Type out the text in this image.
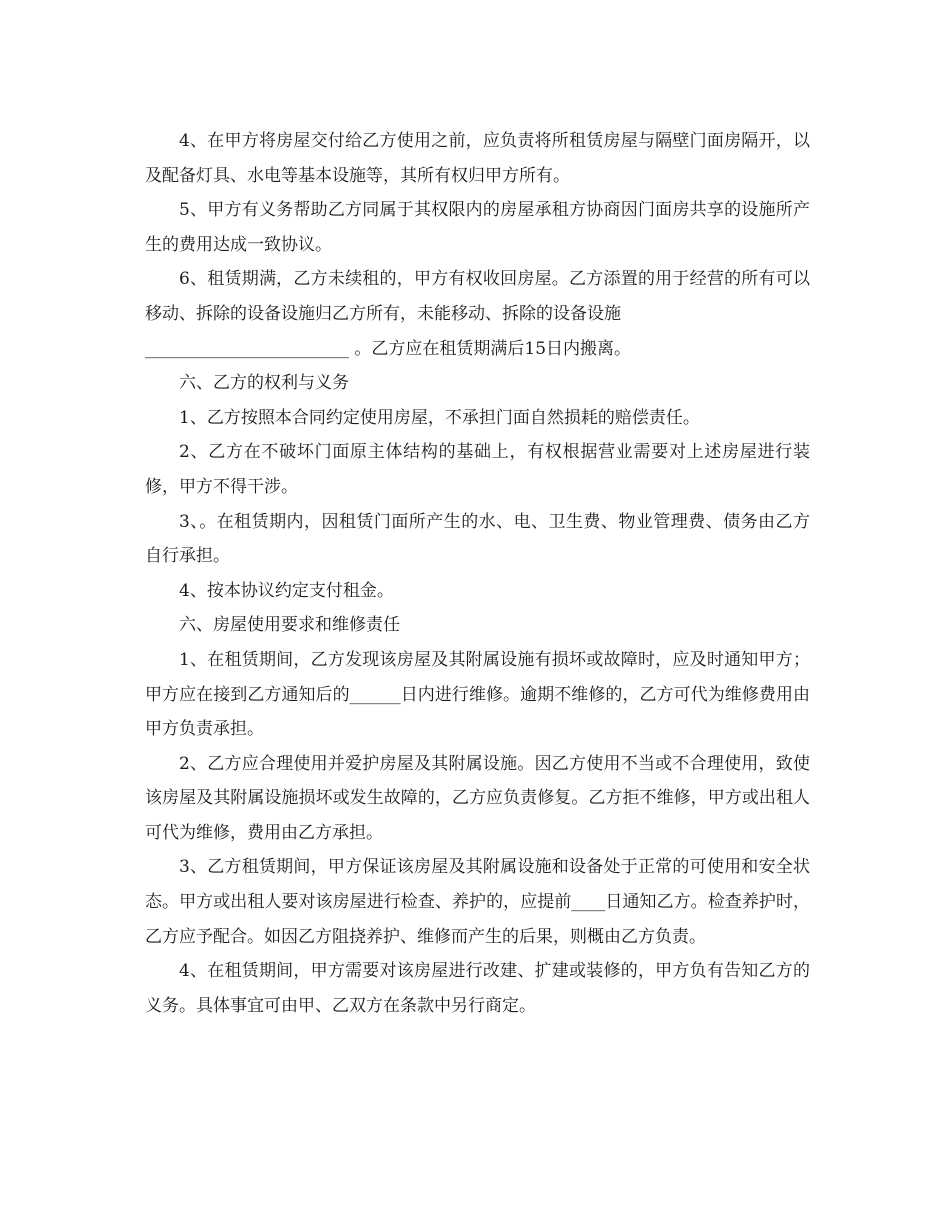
4、在甲方将房屋交付给乙方使用之前，应负责将所租赁房屋与隔壁门面房隔开，以及配备灯具、水电等基本设施等，其所有权归甲方所有。

5、甲方有义务帮助乙方同属于其权限内的房屋承租方协商因门面房共享的设施所产生的费用达成一致协议。

6、租赁期满，乙方未续租的，甲方有权收回房屋。乙方添置的用于经营的所有可以移动、拆除的设备设施归乙方所有，未能移动、拆除的设备设施

________________________ 。乙方应在租赁期满后15日内搬离。

六、乙方的权利与义务

1、乙方按照本合同约定使用房屋，不承担门面自然损耗的赔偿责任。

2、乙方在不破坏门面原主体结构的基础上，有权根据营业需要对上述房屋进行装修，甲方不得干涉。

3、。在租赁期内，因租赁门面所产生的水、电、卫生费、物业管理费、债务由乙方自行承担。

4、按本协议约定支付租金。

六、房屋使用要求和维修责任

1、在租赁期间，乙方发现该房屋及其附属设施有损坏或故障时，应及时通知甲方；甲方应在接到乙方通知后的______日内进行维修。逾期不维修的，乙方可代为维修费用由甲方负责承担。

2、乙方应合理使用并爱护房屋及其附属设施。因乙方使用不当或不合理使用，致使该房屋及其附属设施损坏或发生故障的，乙方应负责修复。乙方拒不维修，甲方或出租人可代为维修，费用由乙方承担。

3、乙方租赁期间，甲方保证该房屋及其附属设施和设备处于正常的可使用和安全状态。甲方或出租人要对该房屋进行检查、养护的，应提前____日通知乙方。检查养护时，乙方应予配合。如因乙方阻挠养护、维修而产生的后果，则概由乙方负责。

4、在租赁期间，甲方需要对该房屋进行改建、扩建或装修的，甲方负有告知乙方的义务。具体事宜可由甲、乙双方在条款中另行商定。
